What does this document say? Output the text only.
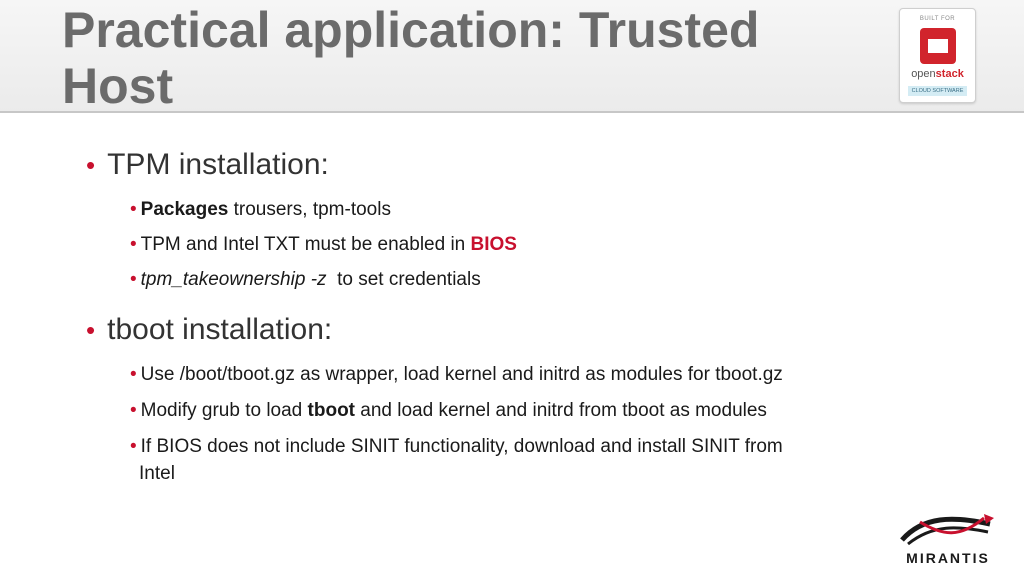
Practical application: Trusted Host
BUILT FOR
openstack
CLOUD SOFTWARE
• TPM installation:
• Packages trousers, tpm-tools
• TPM and Intel TXT must be enabled in BIOS
• tpm_takeownership -z  to set credentials
• tboot installation:
• Use /boot/tboot.gz as wrapper, load kernel and initrd as modules for tboot.gz
• Modify grub to load tboot and load kernel and initrd from tboot as modules
• If BIOS does not include SINIT functionality, download and install SINIT from
Intel
MIRANTIS
